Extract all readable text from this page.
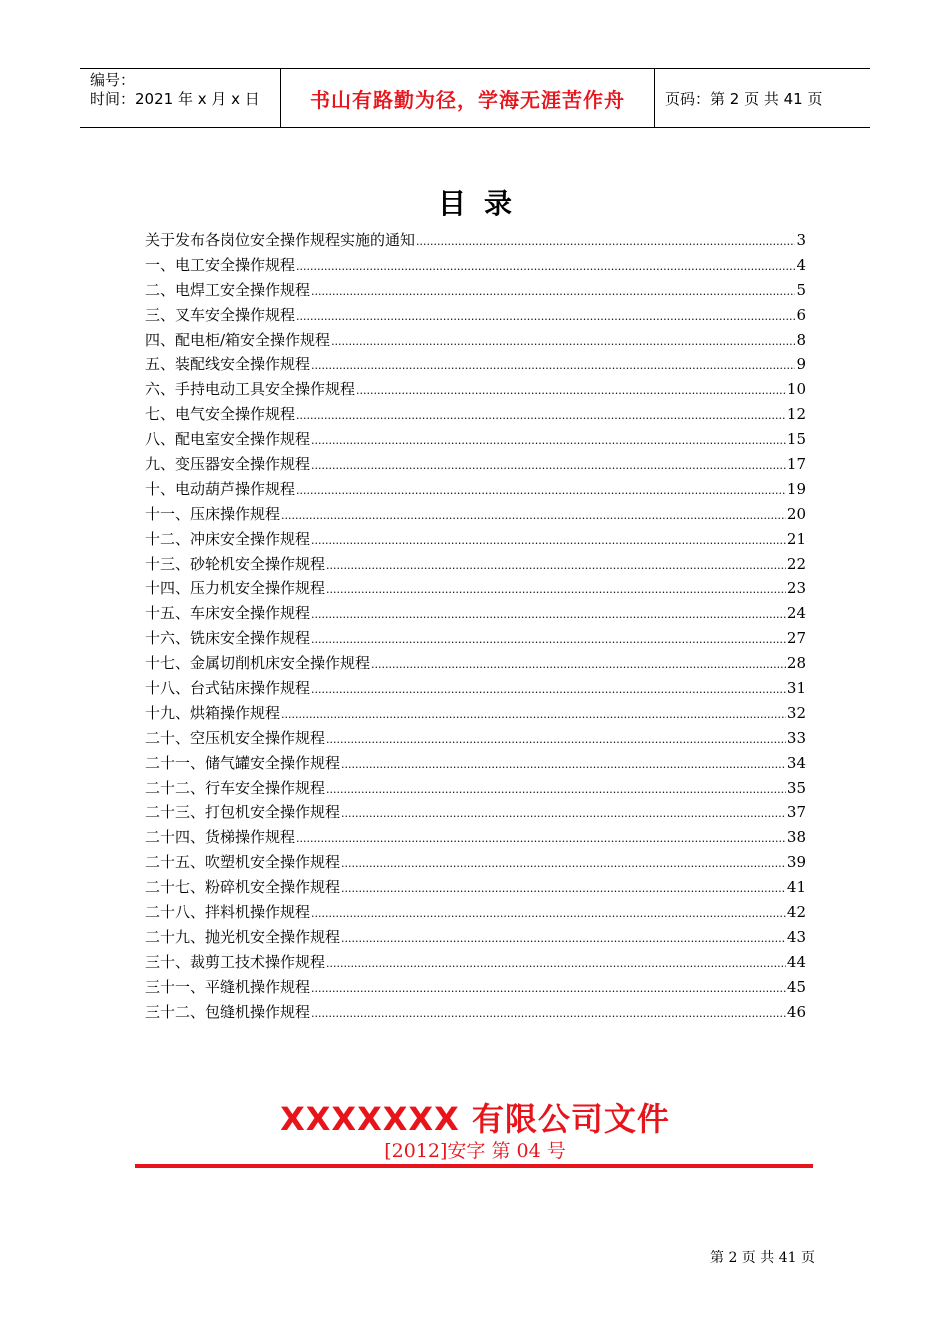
编号：
时间：2021 年 x 月 x 日	书山有路勤为径，学海无涯苦作舟	页码：第 2 页 共 41 页
目录
关于发布各岗位安全操作规程实施的通知 .....	3
一、电工安全操作规程 .....	4
二、电焊工安全操作规程 .....	5
三、叉车安全操作规程 .....	6
四、配电柜/箱安全操作规程 .....	8
五、装配线安全操作规程 .....	9
六、手持电动工具安全操作规程 .....	10
七、电气安全操作规程 .....	12
八、配电室安全操作规程 .....	15
九、变压器安全操作规程 .....	17
十、电动葫芦操作规程 .....	19
十一、压床操作规程 .....	20
十二、冲床安全操作规程 .....	21
十三、砂轮机安全操作规程 .....	22
十四、压力机安全操作规程 .....	23
十五、车床安全操作规程 .....	24
十六、铣床安全操作规程 .....	27
十七、金属切削机床安全操作规程 .....	28
十八、台式钻床操作规程 .....	31
十九、烘箱操作规程 .....	32
二十、空压机安全操作规程 .....	33
二十一、储气罐安全操作规程 .....	34
二十二、行车安全操作规程 .....	35
二十三、打包机安全操作规程 .....	37
二十四、货梯操作规程 .....	38
二十五、吹塑机安全操作规程 .....	39
二十七、粉碎机安全操作规程 .....	41
二十八、拌料机操作规程 .....	42
二十九、抛光机安全操作规程 .....	43
三十、裁剪工技术操作规程 .....	44
三十一、平缝机操作规程 .....	45
三十二、包缝机操作规程 .....	46
XXXXXXX 有限公司文件
[2012]安字 第 04 号
第 2 页 共 41 页
